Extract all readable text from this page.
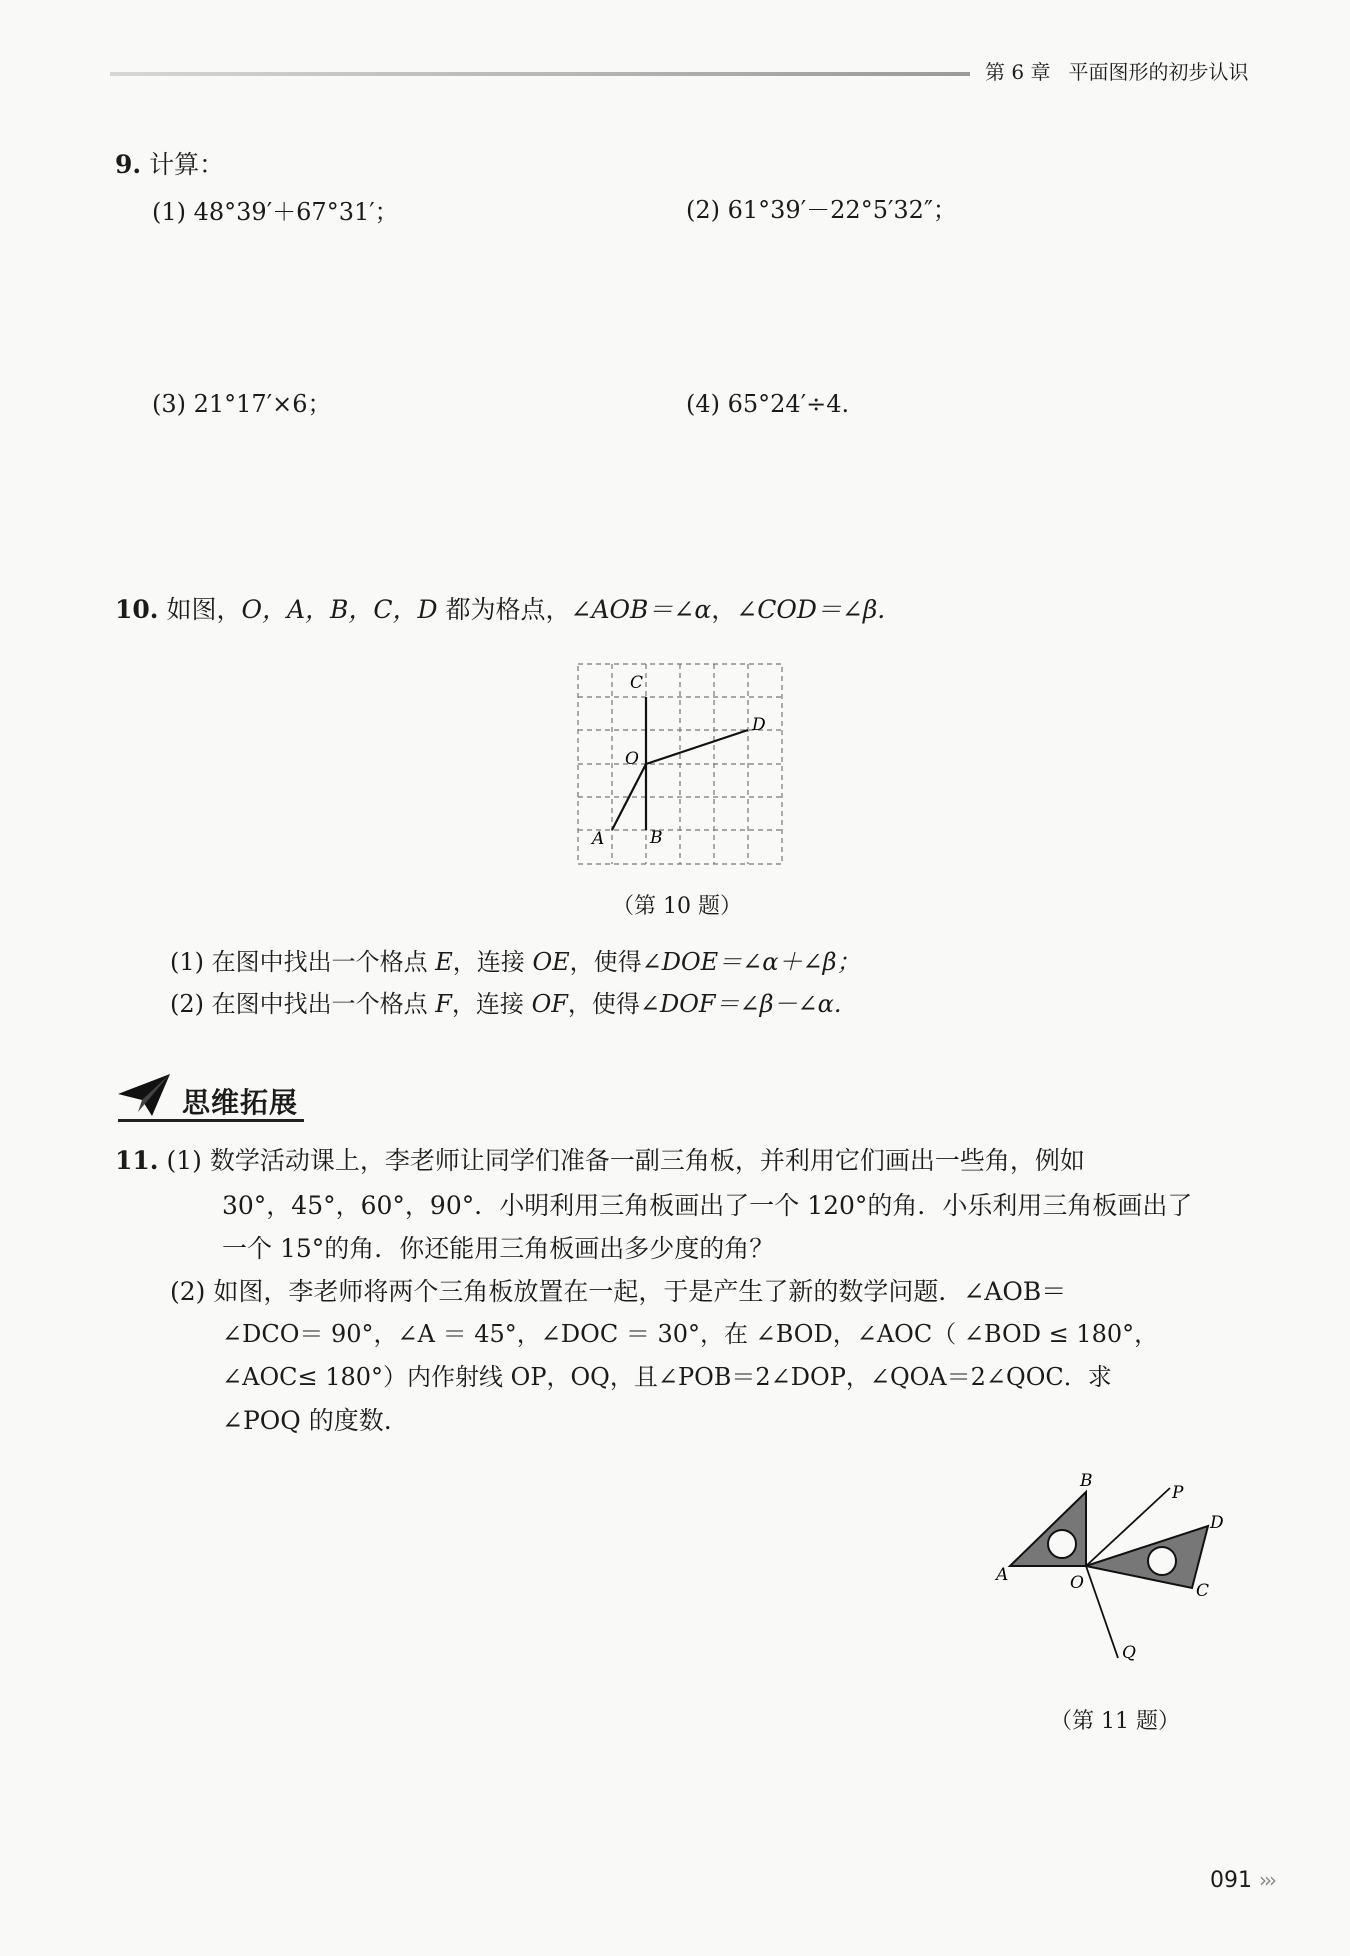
第 6 章 平面图形的初步认识
9. 计算：
(1) 48°39′＋67°31′；	(2) 61°39′－22°5′32″；
(3) 21°17′×6；	(4) 65°24′÷4.
10. 如图，O，A，B，C，D 都为格点，∠AOB＝∠α，∠COD＝∠β.
C
D
O
A	B
（第 10 题）
(1) 在图中找出一个格点 E，连接 OE，使得∠DOE＝∠α＋∠β；
(2) 在图中找出一个格点 F，连接 OF，使得∠DOF＝∠β－∠α.
思维拓展
11. (1) 数学活动课上，李老师让同学们准备一副三角板，并利用它们画出一些角，例如
30°，45°，60°，90°．小明利用三角板画出了一个 120°的角．小乐利用三角板画出了
一个 15°的角．你还能用三角板画出多少度的角？
(2) 如图，李老师将两个三角板放置在一起，于是产生了新的数学问题．∠AOB＝
∠DCO＝ 90°，∠A ＝ 45°，∠DOC ＝ 30°，在 ∠BOD，∠AOC（ ∠BOD ≤ 180°，
∠AOC≤ 180°）内作射线 OP，OQ，且∠POB＝2∠DOP，∠QOA＝2∠QOC．求
∠POQ 的度数.
B
P
D
A	O	C
Q
（第 11 题）
091 ›››
